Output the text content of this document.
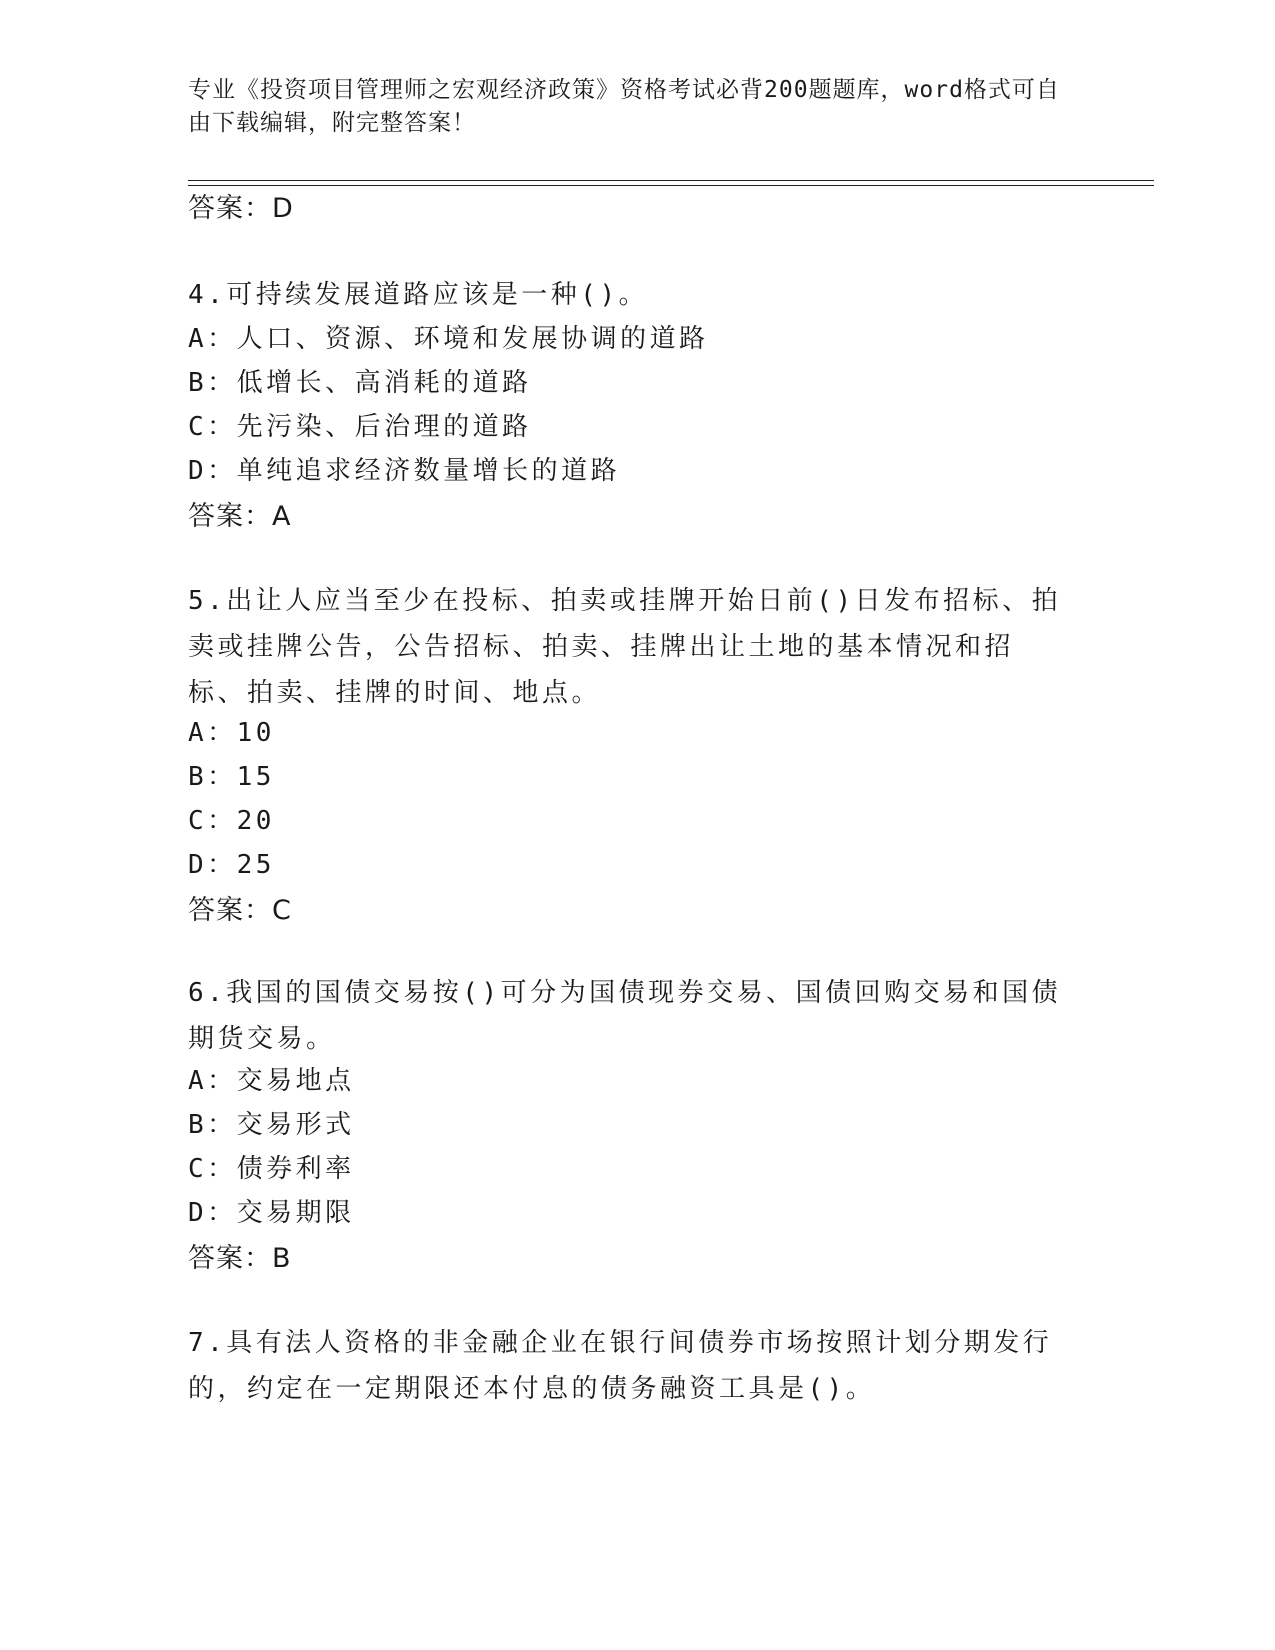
专业《投资项目管理师之宏观经济政策》资格考试必背200题题库，word格式可自由下载编辑，附完整答案！
答案：D
4.可持续发展道路应该是一种()。
A：人口、资源、环境和发展协调的道路
B：低增长、高消耗的道路
C：先污染、后治理的道路
D：单纯追求经济数量增长的道路
答案：A
5.出让人应当至少在投标、拍卖或挂牌开始日前()日发布招标、拍卖或挂牌公告，公告招标、拍卖、挂牌出让土地的基本情况和招标、拍卖、挂牌的时间、地点。
A：10
B：15
C：20
D：25
答案：C
6.我国的国债交易按()可分为国债现券交易、国债回购交易和国债期货交易。
A：交易地点
B：交易形式
C：债券利率
D：交易期限
答案：B
7.具有法人资格的非金融企业在银行间债券市场按照计划分期发行的，约定在一定期限还本付息的债务融资工具是()。
